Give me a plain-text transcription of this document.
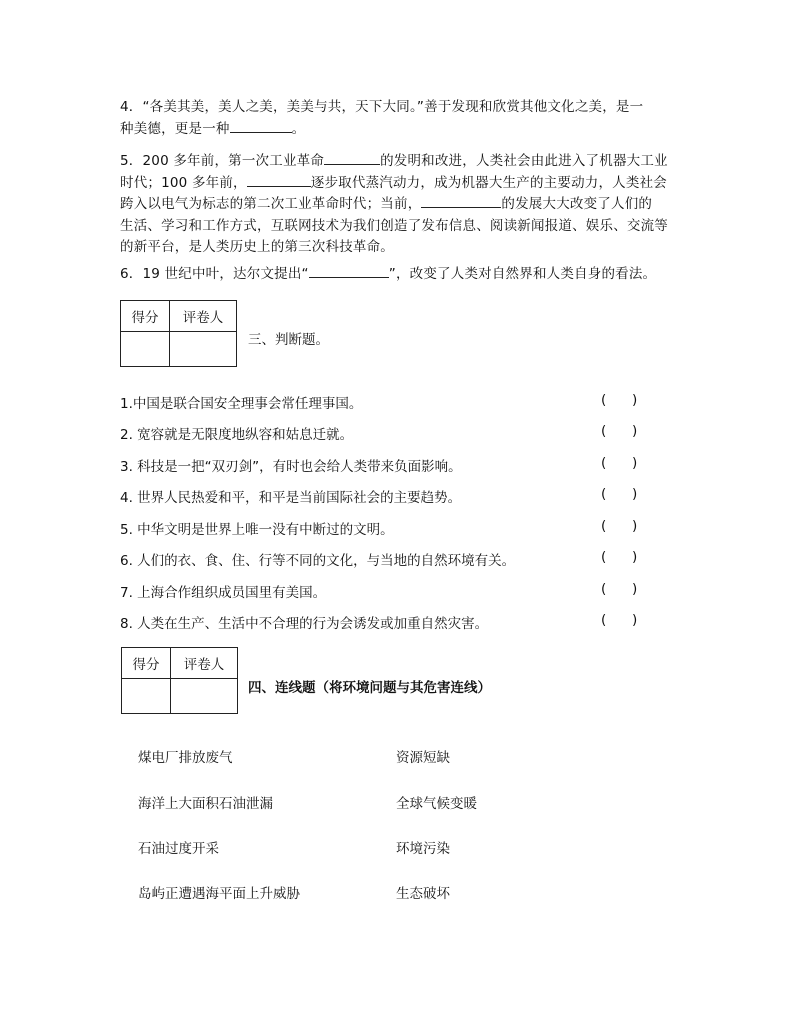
4．“各美其美，美人之美，美美与共，天下大同。”善于发现和欣赏其他文化之美，是一
种美德，更是一种	。
5．200 多年前，第一次工业革命	的发明和改进，人类社会由此进入了机器大工业
时代；100 多年前，	逐步取代蒸汽动力，成为机器大生产的主要动力，人类社会
跨入以电气为标志的第二次工业革命时代；当前，	的发展大大改变了人们的
生活、学习和工作方式，互联网技术为我们创造了发布信息、阅读新闻报道、娱乐、交流等
的新平台，是人类历史上的第三次科技革命。
6．19 世纪中叶，达尔文提出“	”，改变了人类对自然界和人类自身的看法。
得分	评卷人

三、判断题。
1.中国是联合国安全理事会常任理事国。	(      )
2. 宽容就是无限度地纵容和姑息迁就。	(      )
3. 科技是一把“双刃剑”，有时也会给人类带来负面影响。	(      )
4. 世界人民热爱和平，和平是当前国际社会的主要趋势。	(      )
5. 中华文明是世界上唯一没有中断过的文明。	(      )
6. 人们的衣、食、住、行等不同的文化，与当地的自然环境有关。	(      )
7. 上海合作组织成员国里有美国。	(      )
8. 人类在生产、生活中不合理的行为会诱发或加重自然灾害。	(      )
得分	评卷人

四、连线题（将环境问题与其危害连线）
煤电厂排放废气	资源短缺
海洋上大面积石油泄漏	全球气候变暖
石油过度开采	环境污染
岛屿正遭遇海平面上升威胁	生态破坏
